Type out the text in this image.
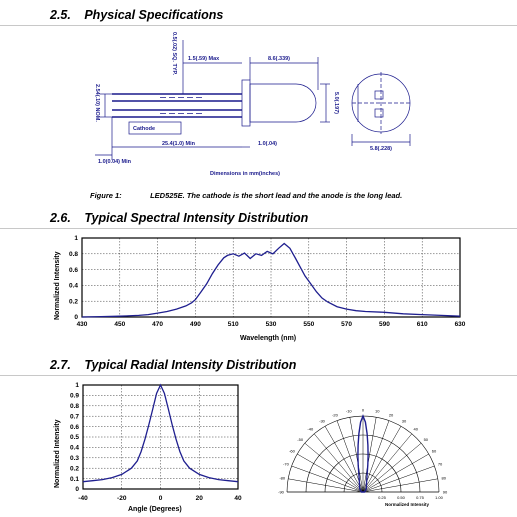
2.5. Physical Specifications
0.5(.02) SQ. TYP. 1.5(.59) Max	8.6(.339)
2.54(.10) NOM.
Cathode
25.4(1.0) Min	1.0(.04)
5.0(.197)
5.8(.228)
1.0(0.04) Min
Dimensions in mm(inches)
Figure 1:	LED525E. The cathode is the short lead and the anode is the long lead.
2.6. Typical Spectral Intensity Distribution
Normalized Intensity
Wavelength (nm)
430	450	470	490	510	530	550	570	590	610	630
0
0.2
0.4
0.6
0.8
1
2.7. Typical Radial Intensity Distribution
Normalized Intensity
Angle (Degrees)
-40	-20	0	20	40
0
0.1
0.2
0.3
0.4
0.5
0.6
0.7
0.8
0.9
1
Normalized Intensity
-90
-80
-70
-60
-50
-40
-30
-20
-10	0	10
20
30
40
50
60
70
80
90
0.25	0.50	0.75	1.00
